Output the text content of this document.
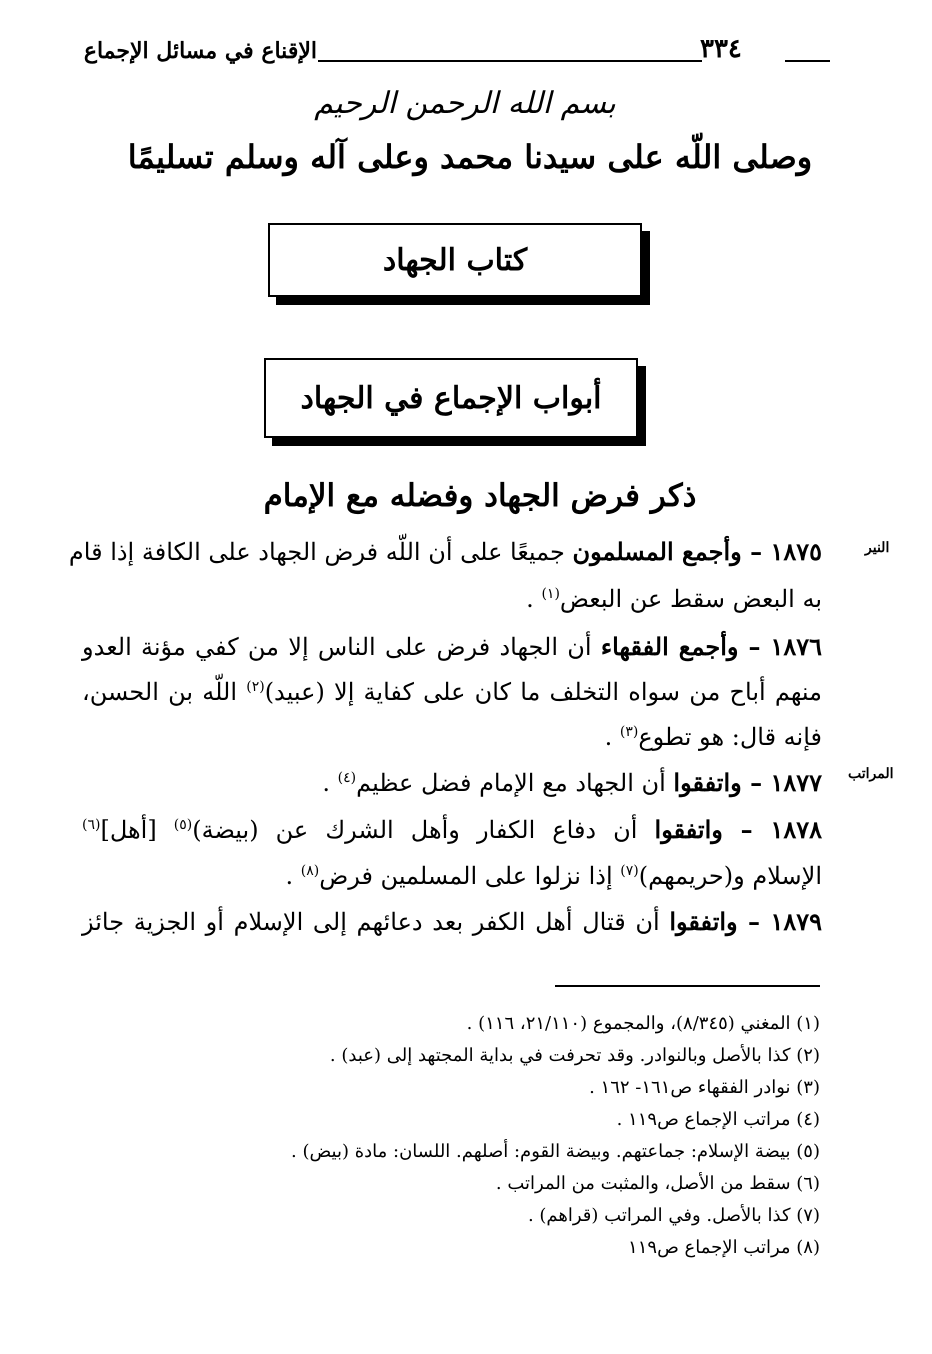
الإقناع في مسائل الإجماع	٣٣٤
بسم الله الرحمن الرحيم
وصلى اللّه على سيدنا محمد وعلى آله وسلم تسليمًا
كتاب الجهاد
أبواب الإجماع في الجهاد
ذكر فرض الجهاد وفضله مع الإمام
النير
المراتب
١٨٧٥ – وأجمع المسلمون جميعًا على أن اللّه فرض الجهاد على الكافة إذا قام
به البعض سقط عن البعض$^{(١)}$ .
١٨٧٦ – وأجمع الفقهاء أن الجهاد فرض على الناس إلا من كفي مؤنة العدو
منهم أباح من سواه التخلف ما كان على كفاية إلا (عبيد)$^{(٢)}$ اللّه بن الحسن،
فإنه قال: هو تطوع$^{(٣)}$ .
١٨٧٧ – واتفقوا أن الجهاد مع الإمام فضل عظيم$^{(٤)}$ .
١٨٧٨ – واتفقوا أن دفاع الكفار وأهل الشرك عن (بيضة)$^{(٥)}$ [أهل]$^{(٦)}$
الإسلام و(حريمهم)$^{(٧)}$ إذا نزلوا على المسلمين فرض$^{(٨)}$ .
١٨٧٩ – واتفقوا أن قتال أهل الكفر بعد دعائهم إلى الإسلام أو الجزية جائز
(١) المغني (٨/٣٤٥)، والمجموع (٢١/١١٠، ١١٦) .
(٢) كذا بالأصل وبالنوادر. وقد تحرفت في بداية المجتهد إلى (عبد) .
(٣) نوادر الفقهاء ص١٦١- ١٦٢ .
(٤) مراتب الإجماع ص١١٩ .
(٥) بيضة الإسلام: جماعتهم. وبيضة القوم: أصلهم. اللسان: مادة (بيض) .
(٦) سقط من الأصل، والمثبت من المراتب .
(٧) كذا بالأصل. وفي المراتب (قراهم) .
(٨) مراتب الإجماع ص١١٩
